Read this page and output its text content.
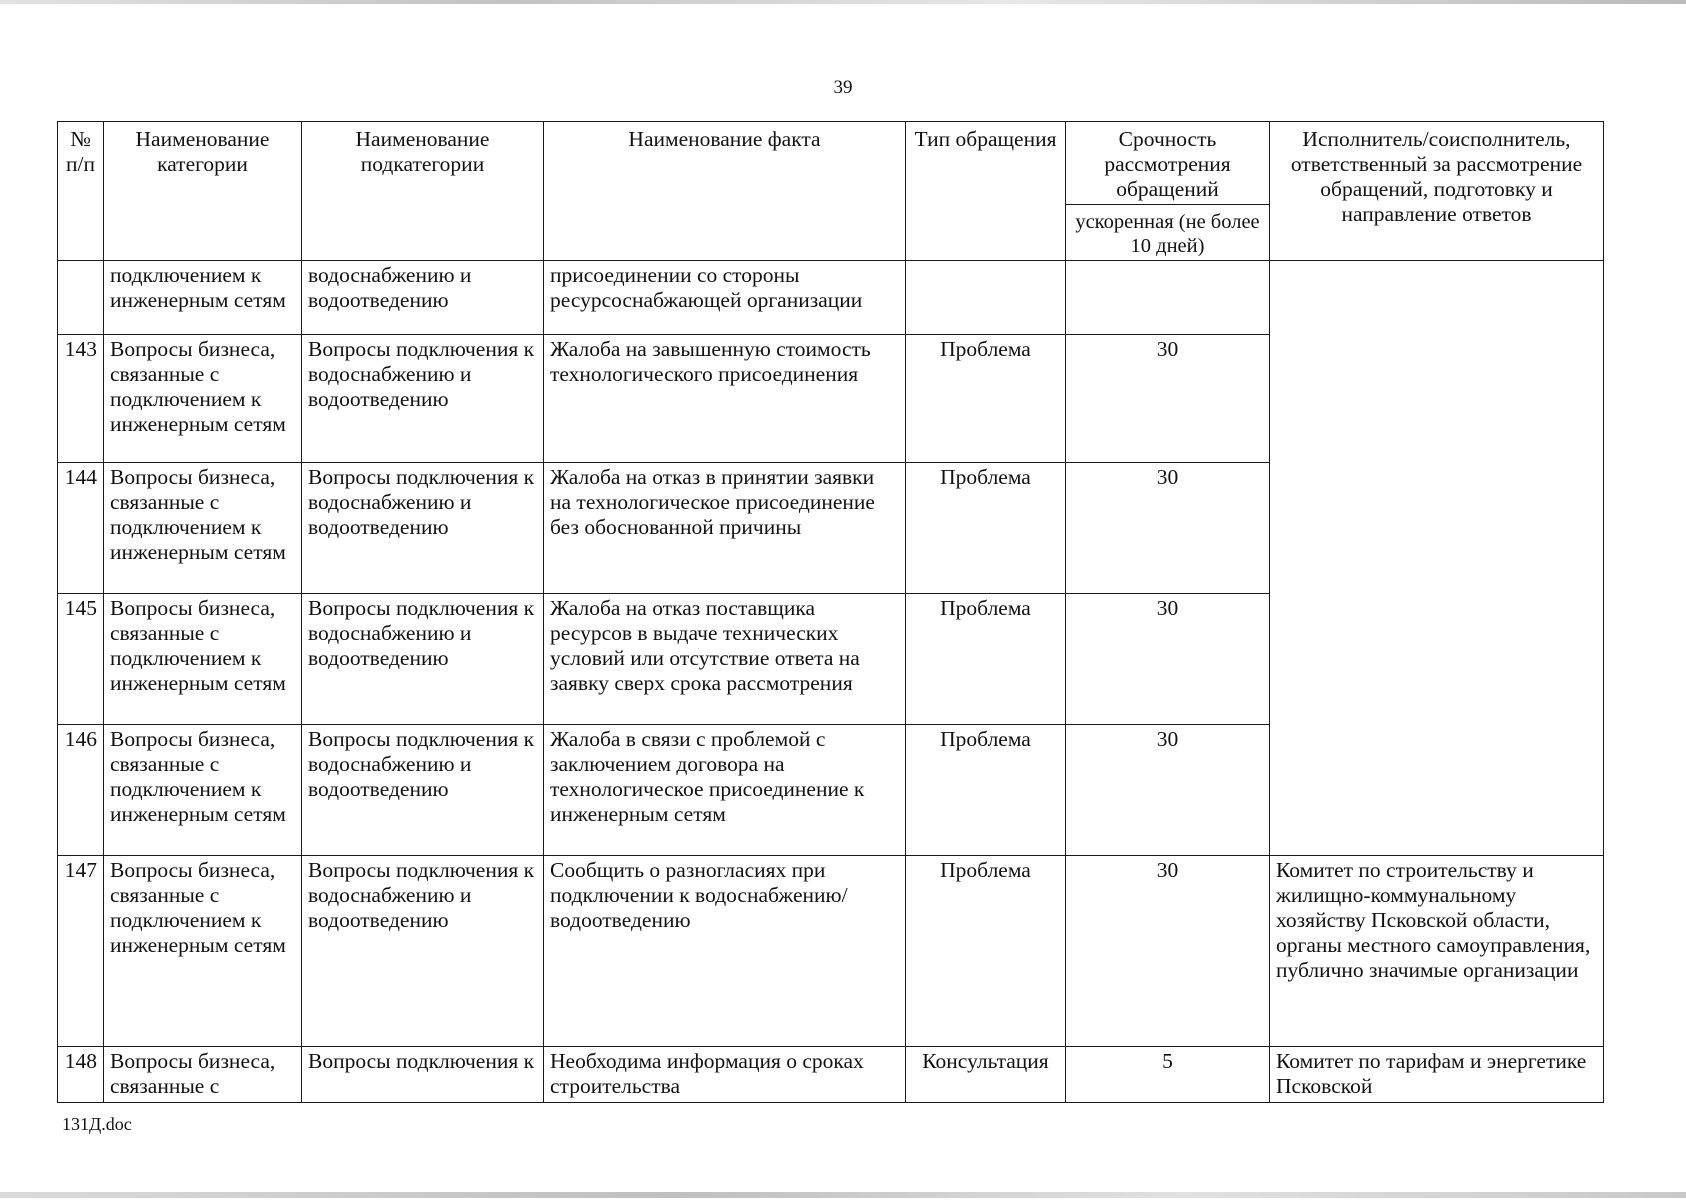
39
№ п/п	Наименование категории	Наименование подкатегории	Наименование факта	Тип обращения	Срочность рассмотрения обращений	Исполнитель/соисполнитель, ответственный за рассмотрение обращений, подготовку и направление ответов
					ускоренная (не более 10 дней)	
	подключением к инженерным сетям	водоснабжению и водоотведению	присоединении со стороны ресурсоснабжающей организации			
143	Вопросы бизнеса, связанные с подключением к инженерным сетям	Вопросы подключения к водоснабжению и водоотведению	Жалоба на завышенную стоимость технологического присоединения	Проблема	30	
144	Вопросы бизнеса, связанные с подключением к инженерным сетям	Вопросы подключения к водоснабжению и водоотведению	Жалоба на отказ в принятии заявки на технологическое присоединение без обоснованной причины	Проблема	30	
145	Вопросы бизнеса, связанные с подключением к инженерным сетям	Вопросы подключения к водоснабжению и водоотведению	Жалоба на отказ поставщика ресурсов в выдаче технических условий или отсутствие ответа на заявку сверх срока рассмотрения	Проблема	30	
146	Вопросы бизнеса, связанные с подключением к инженерным сетям	Вопросы подключения к водоснабжению и водоотведению	Жалоба в связи с проблемой с заключением договора на технологическое присоединение к инженерным сетям	Проблема	30	
147	Вопросы бизнеса, связанные с подключением к инженерным сетям	Вопросы подключения к водоснабжению и водоотведению	Сообщить о разногласиях при подключении к водоснабжению/водоотведению	Проблема	30	Комитет по строительству и жилищно-коммунальному хозяйству Псковской области,
органы местного самоуправления,
публично значимые организации

148	Вопросы бизнеса, связанные с	Вопросы подключения к	Необходима информация о сроках строительства	Консультация	5	Комитет по тарифам и энергетике Псковской
131Д.doc
